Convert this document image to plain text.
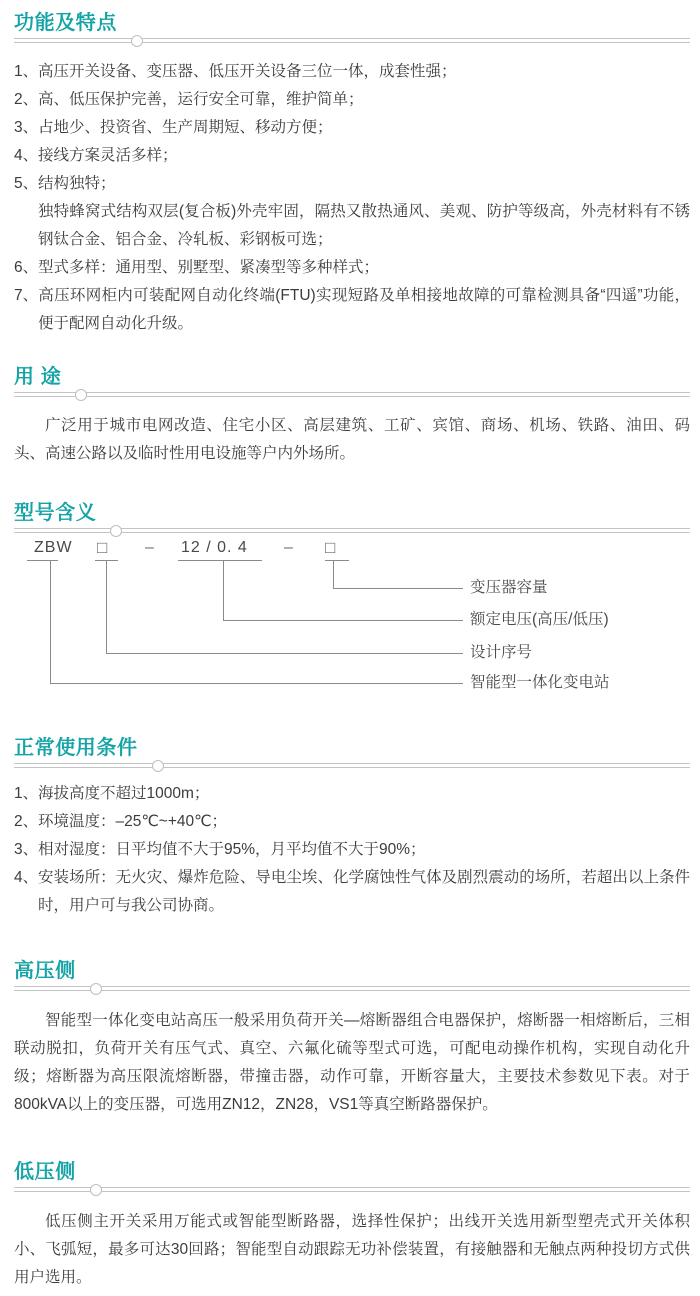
功能及特点
1、高压开关设备、变压器、低压开关设备三位一体，成套性强；
2、高、低压保护完善，运行安全可靠，维护简单；
3、占地少、投资省、生产周期短、移动方便；
4、接线方案灵活多样；
5、结构独特；
独特蜂窝式结构双层(复合板)外壳牢固，隔热又散热通风、美观、防护等级高，外壳材料有不锈钢钛合金、铝合金、冷轧板、彩钢板可选；
6、型式多样：通用型、别墅型、紧凑型等多种样式；
7、高压环网柜内可装配网自动化终端(FTU)实现短路及单相接地故障的可靠检测具备“四遥”功能，便于配网自动化升级。
用 途

广泛用于城市电网改造、住宅小区、高层建筑、工矿、宾馆、商场、机场、铁路、油田、码头、高速公路以及临时性用电设施等户内外场所。

型号含义
ZBW □ – 12 / 0. 4 – □
变压器容量
额定电压(高压/低压)
设计序号
智能型一体化变电站
正常使用条件
1、海拔高度不超过1000m；
2、环境温度：–25℃~+40℃；
3、相对湿度：日平均值不大于95%，月平均值不大于90%；
4、安装场所：无火灾、爆炸危险、导电尘埃、化学腐蚀性气体及剧烈震动的场所，若超出以上条件时，用户可与我公司协商。
高压侧

智能型一体化变电站高压一般采用负荷开关—熔断器组合电器保护，熔断器一相熔断后，三相联动脱扣，负荷开关有压气式、真空、六氟化硫等型式可选，可配电动操作机构，实现自动化升级；熔断器为高压限流熔断器，带撞击器，动作可靠，开断容量大，主要技术参数见下表。对于800kVA以上的变压器，可选用ZN12，ZN28，VS1等真空断路器保护。

低压侧

低压侧主开关采用万能式或智能型断路器，选择性保护；出线开关选用新型塑壳式开关体积小、飞弧短，最多可达30回路；智能型自动跟踪无功补偿装置，有接触器和无触点两种投切方式供用户选用。
